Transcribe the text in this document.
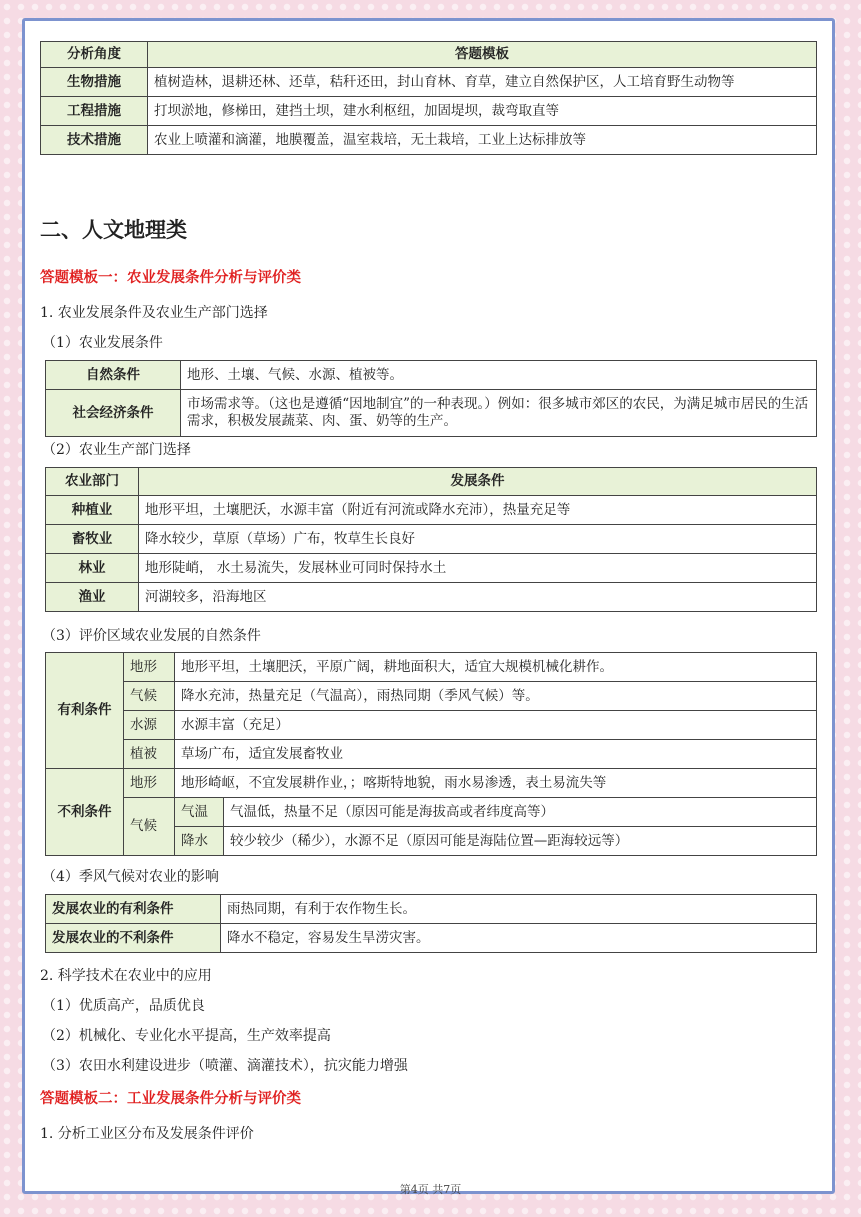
分析角度	答题模板
生物措施	植树造林，退耕还林、还草，秸秆还田，封山育林、育草，建立自然保护区，人工培育野生动物等
工程措施	打坝淤地，修梯田，建挡土坝，建水利枢纽，加固堤坝，裁弯取直等
技术措施	农业上喷灌和滴灌，地膜覆盖，温室栽培，无土栽培，工业上达标排放等
二、人文地理类
答题模板一：农业发展条件分析与评价类
1. 农业发展条件及农业生产部门选择
（1）农业发展条件
自然条件	地形、土壤、气候、水源、植被等。
社会经济条件	市场需求等。（这也是遵循“因地制宜”的一种表现。）例如：很多城市郊区的农民，为满足城市居民的生活需求，积极发展蔬菜、肉、蛋、奶等的生产。
（2）农业生产部门选择
农业部门	发展条件
种植业	地形平坦，土壤肥沃，水源丰富（附近有河流或降水充沛），热量充足等
畜牧业	降水较少，草原（草场）广布，牧草生长良好
林业	地形陡峭， 水土易流失，发展林业可同时保持水土
渔业	河湖较多，沿海地区
（3）评价区域农业发展的自然条件
有利条件	地形	地形平坦，土壤肥沃，平原广阔，耕地面积大，适宜大规模机械化耕作。	
	气候	降水充沛，热量充足（气温高），雨热同期（季风气候）等。	
	水源	水源丰富（充足）	
	植被	草场广布，适宜发展畜牧业	
不利条件	地形	地形崎岖，不宜发展耕作业，；喀斯特地貌，雨水易渗透，表土易流失等	
	气候	气温	气温低，热量不足（原因可能是海拔高或者纬度高等）
		降水	较少较少（稀少），水源不足（原因可能是海陆位置—距海较远等）
（4）季风气候对农业的影响
发展农业的有利条件	雨热同期，有利于农作物生长。
发展农业的不利条件	降水不稳定，容易发生旱涝灾害。
2. 科学技术在农业中的应用
（1）优质高产，品质优良
（2）机械化、专业化水平提高，生产效率提高
（3）农田水利建设进步（喷灌、滴灌技术），抗灾能力增强
答题模板二：工业发展条件分析与评价类
1. 分析工业区分布及发展条件评价
第4页 共7页
